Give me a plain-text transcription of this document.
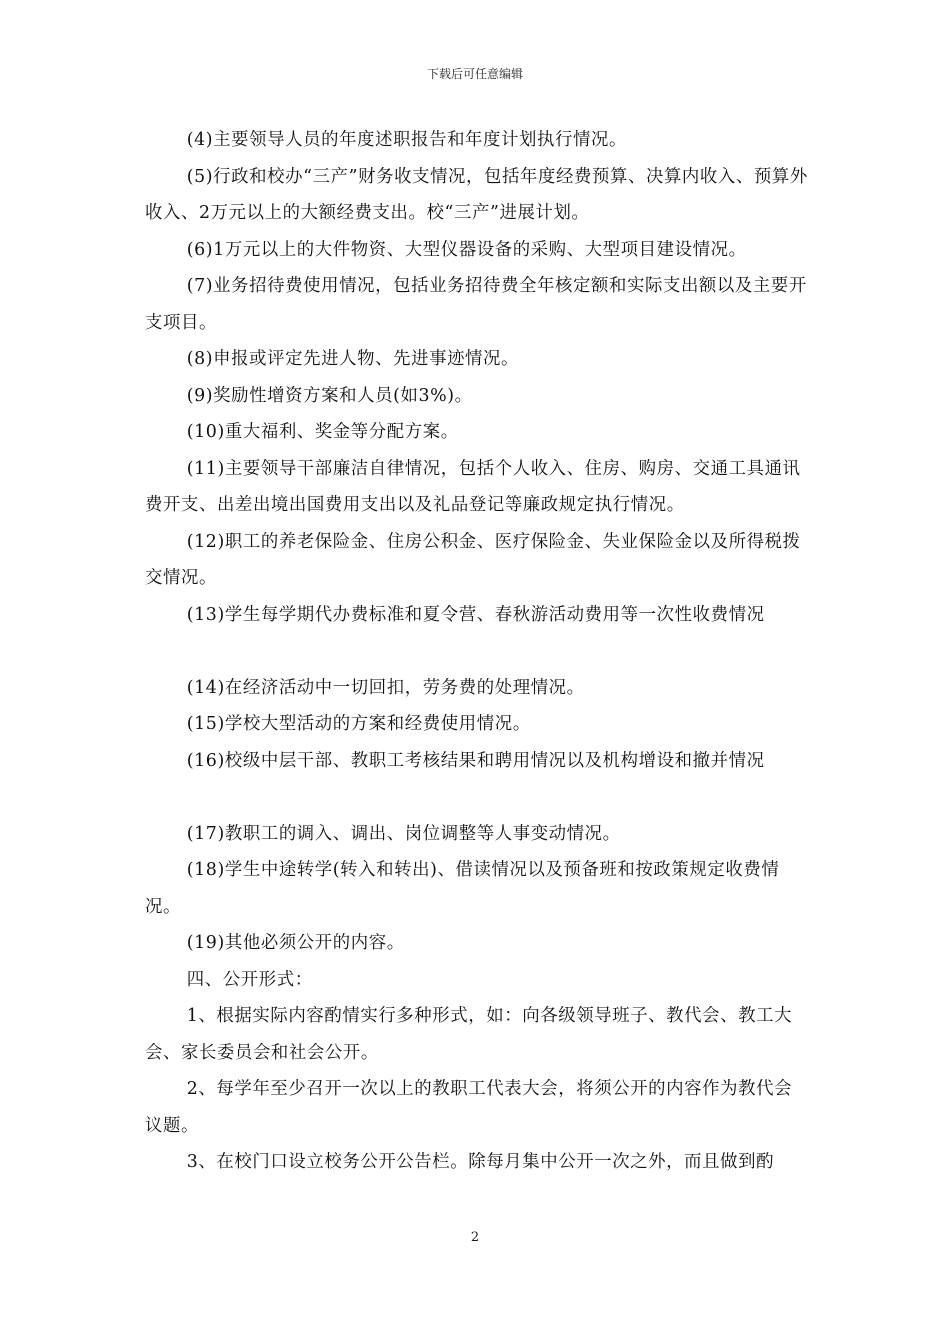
下载后可任意编辑

(4)主要领导人员的年度述职报告和年度计划执行情况。

(5)行政和校办“三产”财务收支情况，包括年度经费预算、决算内收入、预算外收入、2万元以上的大额经费支出。校“三产”进展计划。

(6)1万元以上的大件物资、大型仪器设备的采购、大型项目建设情况。

(7)业务招待费使用情况，包括业务招待费全年核定额和实际支出额以及主要开支项目。

(8)申报或评定先进人物、先进事迹情况。

(9)奖励性增资方案和人员(如3%)。

(10)重大福利、奖金等分配方案。

(11)主要领导干部廉洁自律情况，包括个人收入、住房、购房、交通工具通讯费开支、出差出境出国费用支出以及礼品登记等廉政规定执行情况。

(12)职工的养老保险金、住房公积金、医疗保险金、失业保险金以及所得税拨交情况。

(13)学生每学期代办费标准和夏令营、春秋游活动费用等一次性收费情况

(14)在经济活动中一切回扣，劳务费的处理情况。

(15)学校大型活动的方案和经费使用情况。

(16)校级中层干部、教职工考核结果和聘用情况以及机构增设和撤并情况

(17)教职工的调入、调出、岗位调整等人事变动情况。

(18)学生中途转学(转入和转出)、借读情况以及预备班和按政策规定收费情况。

(19)其他必须公开的内容。

四、公开形式：

1、根据实际内容酌情实行多种形式，如：向各级领导班子、教代会、教工大会、家长委员会和社会公开。

2、每学年至少召开一次以上的教职工代表大会，将须公开的内容作为教代会议题。

3、在校门口设立校务公开公告栏。除每月集中公开一次之外，而且做到酌

2
